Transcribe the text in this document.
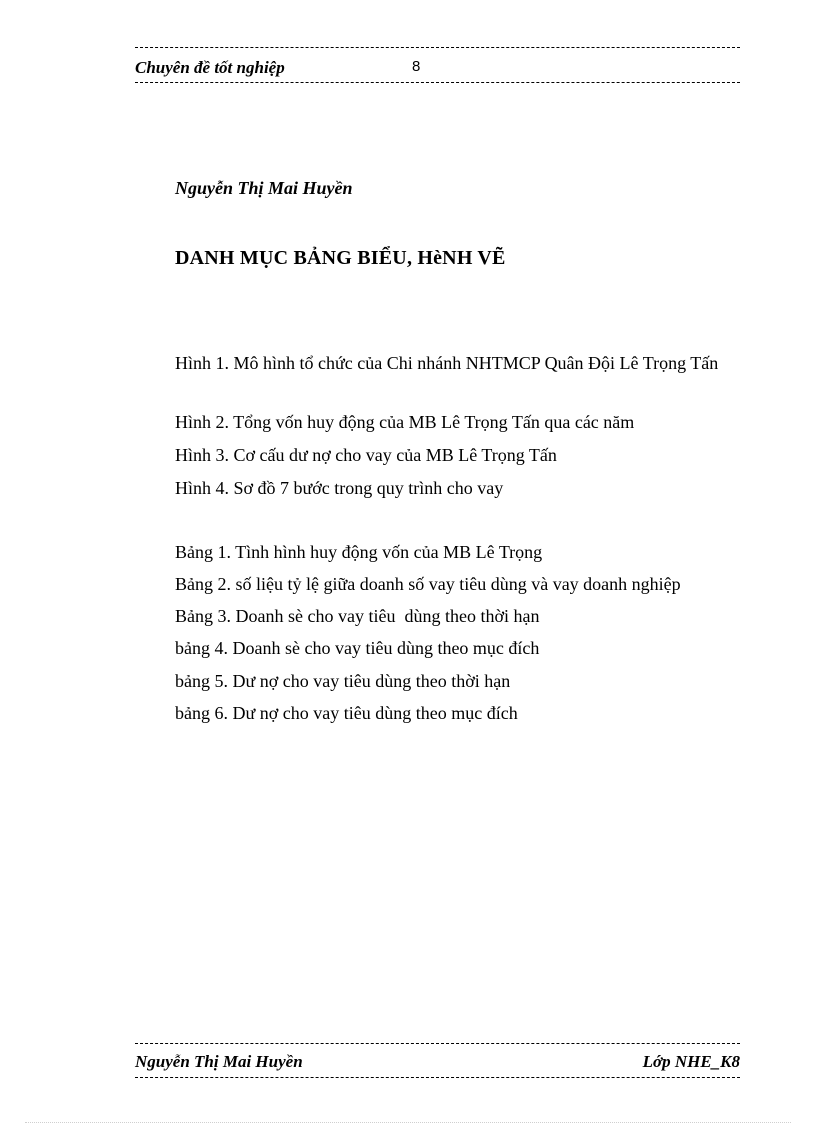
Chuyên đề tốt nghiệp	8
Nguyễn Thị Mai Huyền
DANH MỤC BẢNG BIỂU, HèNH VẼ
Hình 1. Mô hình tổ chức của Chi nhánh NHTMCP Quân Đội Lê Trọng Tấn
Hình 2. Tổng vốn huy động của MB Lê Trọng Tấn qua các năm
Hình 3. Cơ cấu dư nợ cho vay của MB Lê Trọng Tấn
Hình 4. Sơ đồ 7 bước trong quy trình cho vay
Bảng 1. Tình hình huy động vốn của MB Lê Trọng
Bảng 2. số liệu tỷ lệ giữa doanh số vay tiêu dùng và vay doanh nghiệp
Bảng 3. Doanh sè cho vay tiêu  dùng theo thời hạn
bảng 4. Doanh sè cho vay tiêu dùng theo mục đích
bảng 5. Dư nợ cho vay tiêu dùng theo thời hạn
bảng 6. Dư nợ cho vay tiêu dùng theo mục đích
Nguyễn Thị Mai Huyền	Lớp NHE_K8
